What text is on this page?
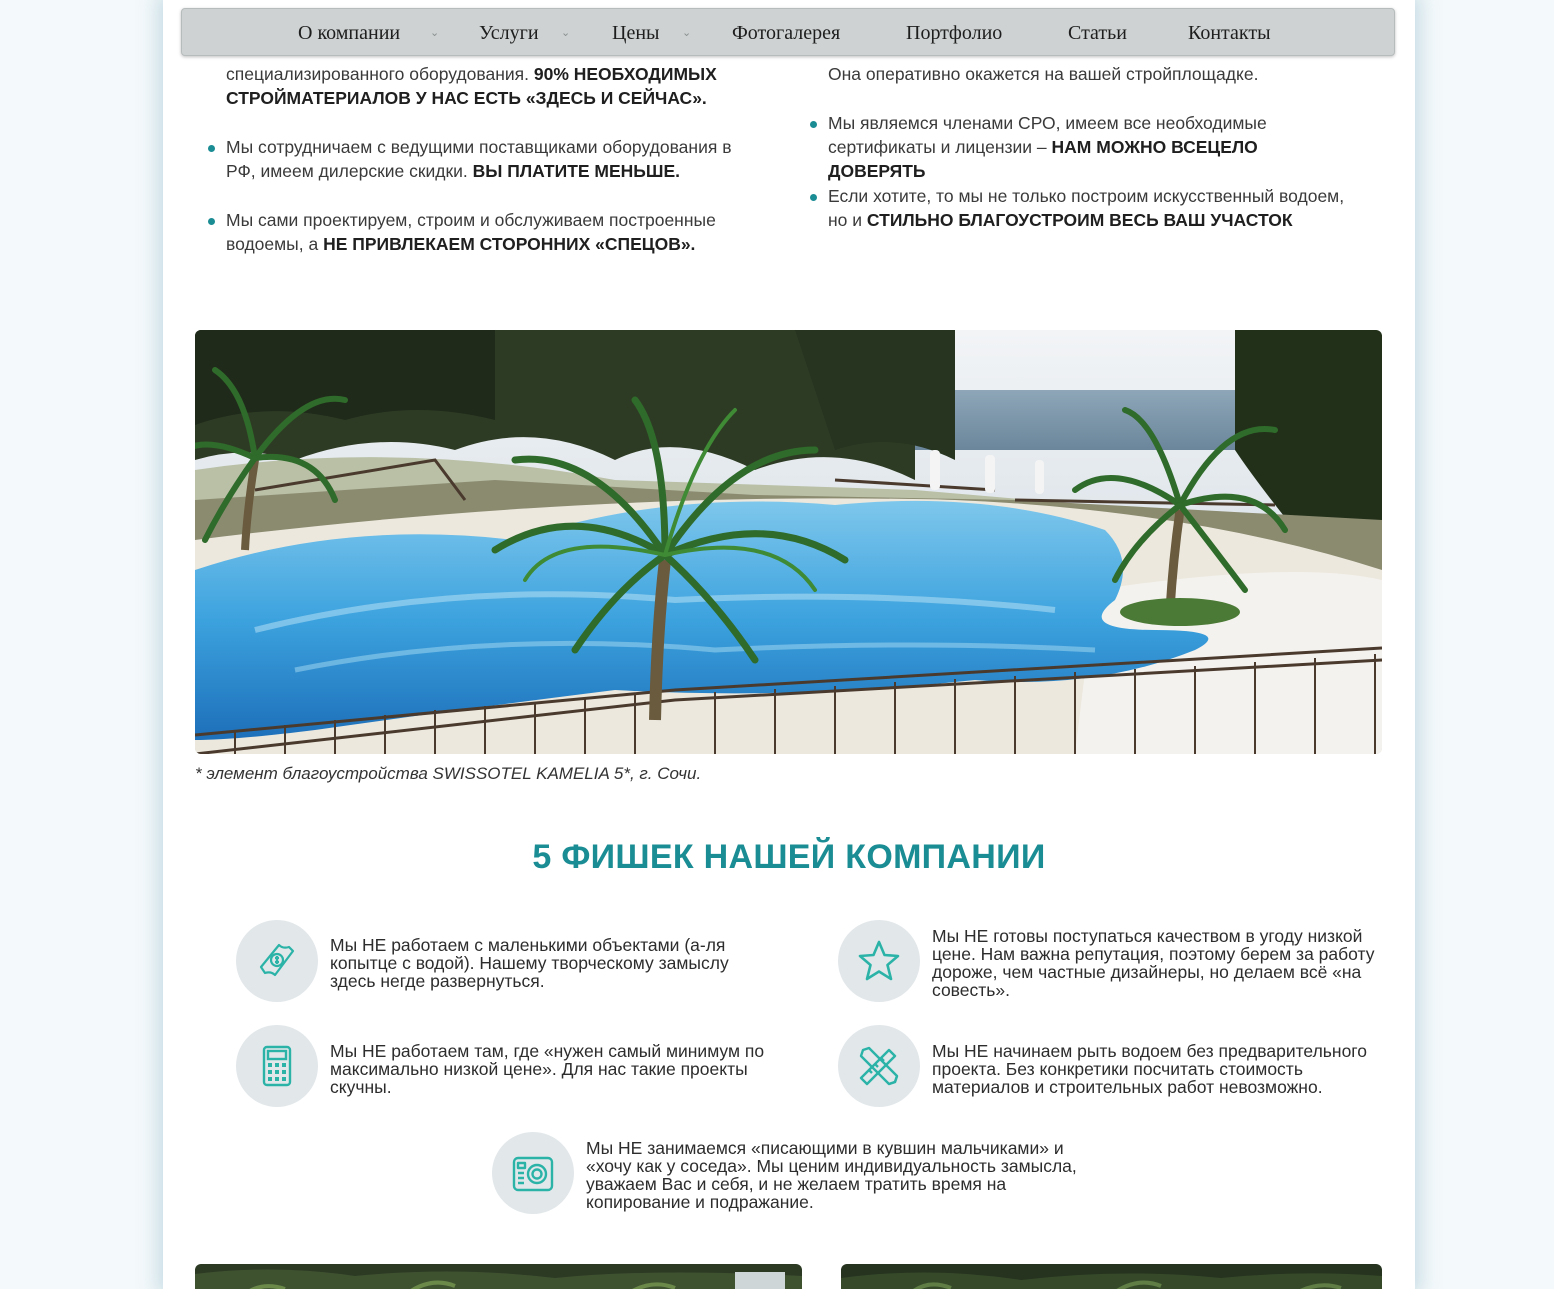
О компании	⌄ Услуги ⌄ Цены ⌄ Фотогалерея	Портфолио	Статьи	Контакты
специализированного оборудования. 90% НЕОБХОДИМЫХ СТРОЙМАТЕРИАЛОВ У НАС ЕСТЬ «ЗДЕСЬ И СЕЙЧАС».
Мы сотрудничаем с ведущими поставщиками оборудования в РФ, имеем дилерские скидки. ВЫ ПЛАТИТЕ МЕНЬШЕ.
Мы сами проектируем, строим и обслуживаем построенные водоемы, а НЕ ПРИВЛЕКАЕМ СТОРОННИХ «СПЕЦОВ».
Она оперативно окажется на вашей стройплощадке.
Мы являемся членами СРО, имеем все необходимые сертификаты и лицензии – НАМ МОЖНО ВСЕЦЕЛО ДОВЕРЯТЬ
Если хотите, то мы не только построим искусственный водоем, но и СТИЛЬНО БЛАГОУСТРОИМ ВЕСЬ ВАШ УЧАСТОК
* элемент благоустройства SWISSOTEL KAMELIA 5*, г. Сочи.
5 ФИШЕК НАШЕЙ КОМПАНИИ
Мы НЕ работаем с маленькими объектами (а-ля копытце с водой). Нашему творческому замыслу здесь негде развернуться.
Мы НЕ готовы поступаться качеством в угоду низкой цене. Нам важна репутация, поэтому берем за работу дороже, чем частные дизайнеры, но делаем всё «на совесть».
Мы НЕ работаем там, где «нужен самый минимум по максимально низкой цене». Для нас такие проекты скучны.
Мы НЕ начинаем рыть водоем без предварительного проекта. Без конкретики посчитать стоимость материалов и строительных работ невозможно.
Мы НЕ занимаемся «писающими в кувшин мальчиками» и «хочу как у соседа». Мы ценим индивидуальность замысла, уважаем Вас и себя, и не желаем тратить время на копирование и подражание.
